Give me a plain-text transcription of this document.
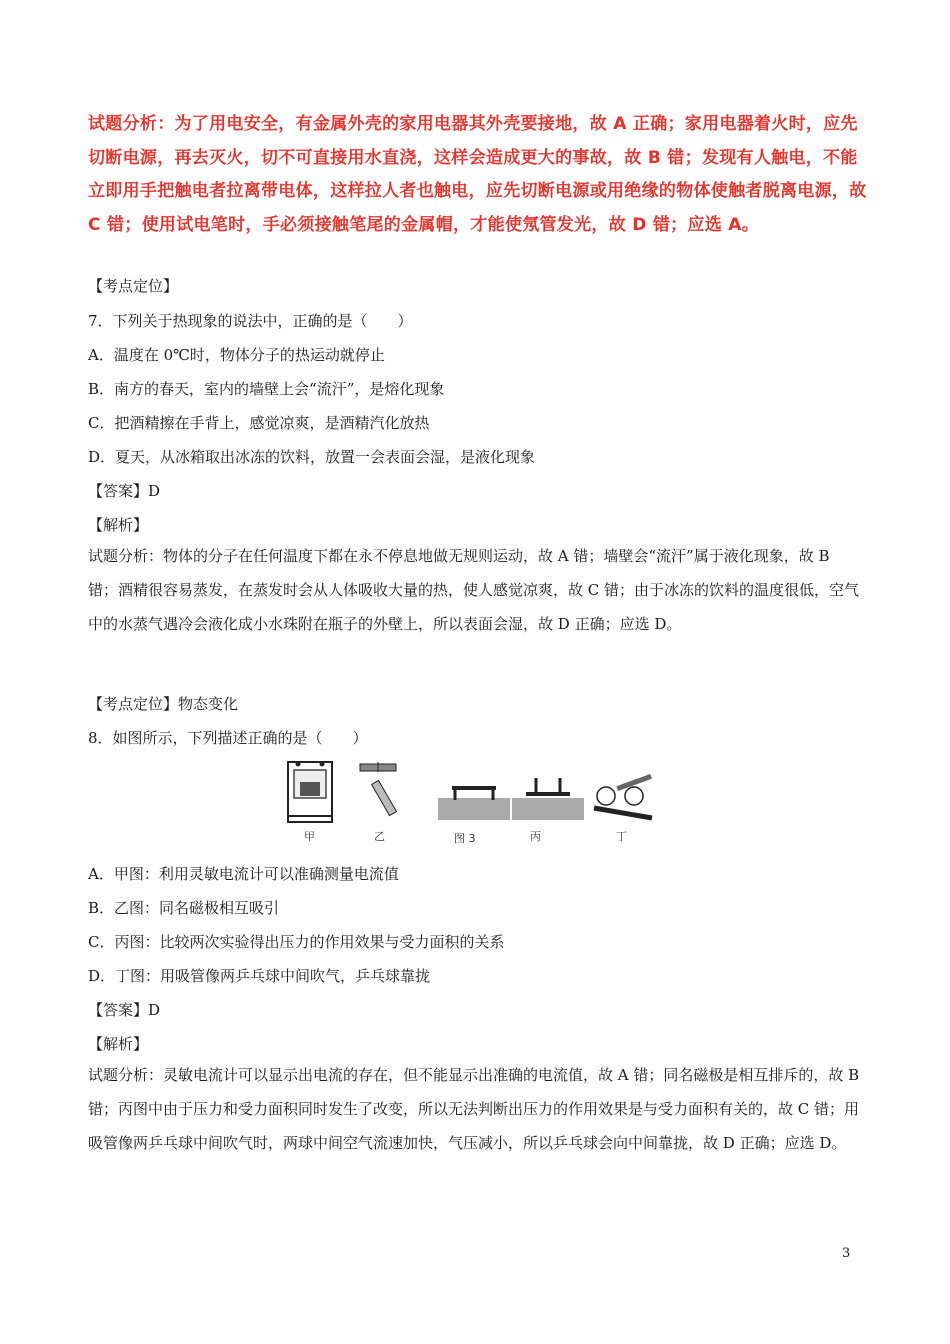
试题分析：为了用电安全，有金属外壳的家用电器其外壳要接地，故 A 正确；家用电器着火时，应先切断电源，再去灭火，切不可直接用水直浇，这样会造成更大的事故，故 B 错；发现有人触电，不能立即用手把触电者拉离带电体，这样拉人者也触电，应先切断电源或用绝缘的物体使触者脱离电源，故 C 错；使用试电笔时，手必须接触笔尾的金属帽，才能使氖管发光，故 D 错；应选 A。
【考点定位】
7．下列关于热现象的说法中，正确的是（　　）
A．温度在 0℃时，物体分子的热运动就停止
B．南方的春天，室内的墙壁上会“流汗”，是熔化现象
C．把酒精擦在手背上，感觉凉爽，是酒精汽化放热
D．夏天，从冰箱取出冰冻的饮料，放置一会表面会湿，是液化现象
【答案】D
【解析】
试题分析：物体的分子在任何温度下都在永不停息地做无规则运动，故 A 错；墙壁会“流汗”属于液化现象，故 B 错；酒精很容易蒸发，在蒸发时会从人体吸收大量的热，使人感觉凉爽，故 C 错；由于冰冻的饮料的温度很低，空气中的水蒸气遇冷会液化成小水珠附在瓶子的外壁上，所以表面会湿，故 D 正确；应选 D。
【考点定位】物态变化
8．如图所示，下列描述正确的是（　　）
甲	乙	图 3	丙	丁
A．甲图：利用灵敏电流计可以准确测量电流值
B．乙图：同名磁极相互吸引
C．丙图：比较两次实验得出压力的作用效果与受力面积的关系
D．丁图：用吸管像两乒乓球中间吹气，乒乓球靠拢
【答案】D
【解析】
试题分析：灵敏电流计可以显示出电流的存在，但不能显示出准确的电流值，故 A 错；同名磁极是相互排斥的，故 B 错；丙图中由于压力和受力面积同时发生了改变，所以无法判断出压力的作用效果是与受力面积有关的，故 C 错；用吸管像两乒乓球中间吹气时，两球中间空气流速加快，气压减小，所以乒乓球会向中间靠拢，故 D 正确；应选 D。
3
